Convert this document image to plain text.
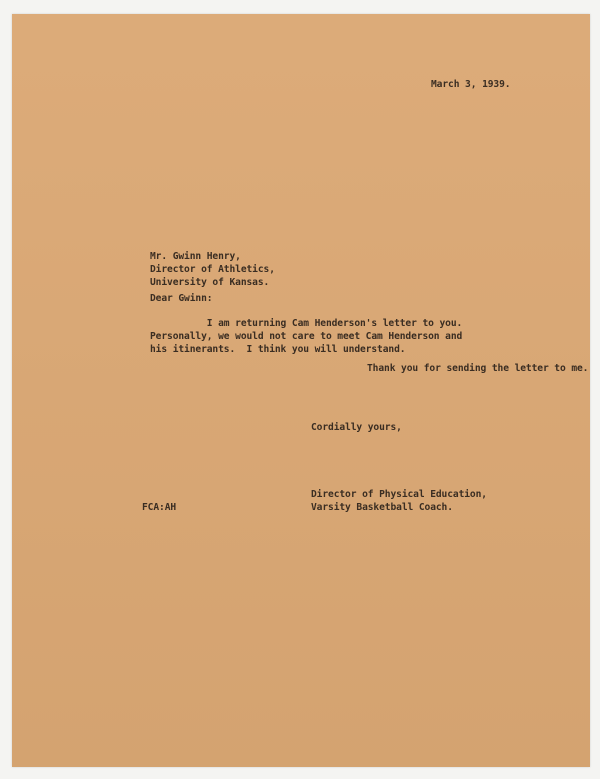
March 3, 1939.
Mr. Gwinn Henry,
Director of Athletics,
University of Kansas.
Dear Gwinn:
I am returning Cam Henderson's letter to you.
Personally, we would not care to meet Cam Henderson and
his itinerants.  I think you will understand.
Thank you for sending the letter to me.
Cordially yours,
FCA:AH
Director of Physical Education,
Varsity Basketball Coach.
